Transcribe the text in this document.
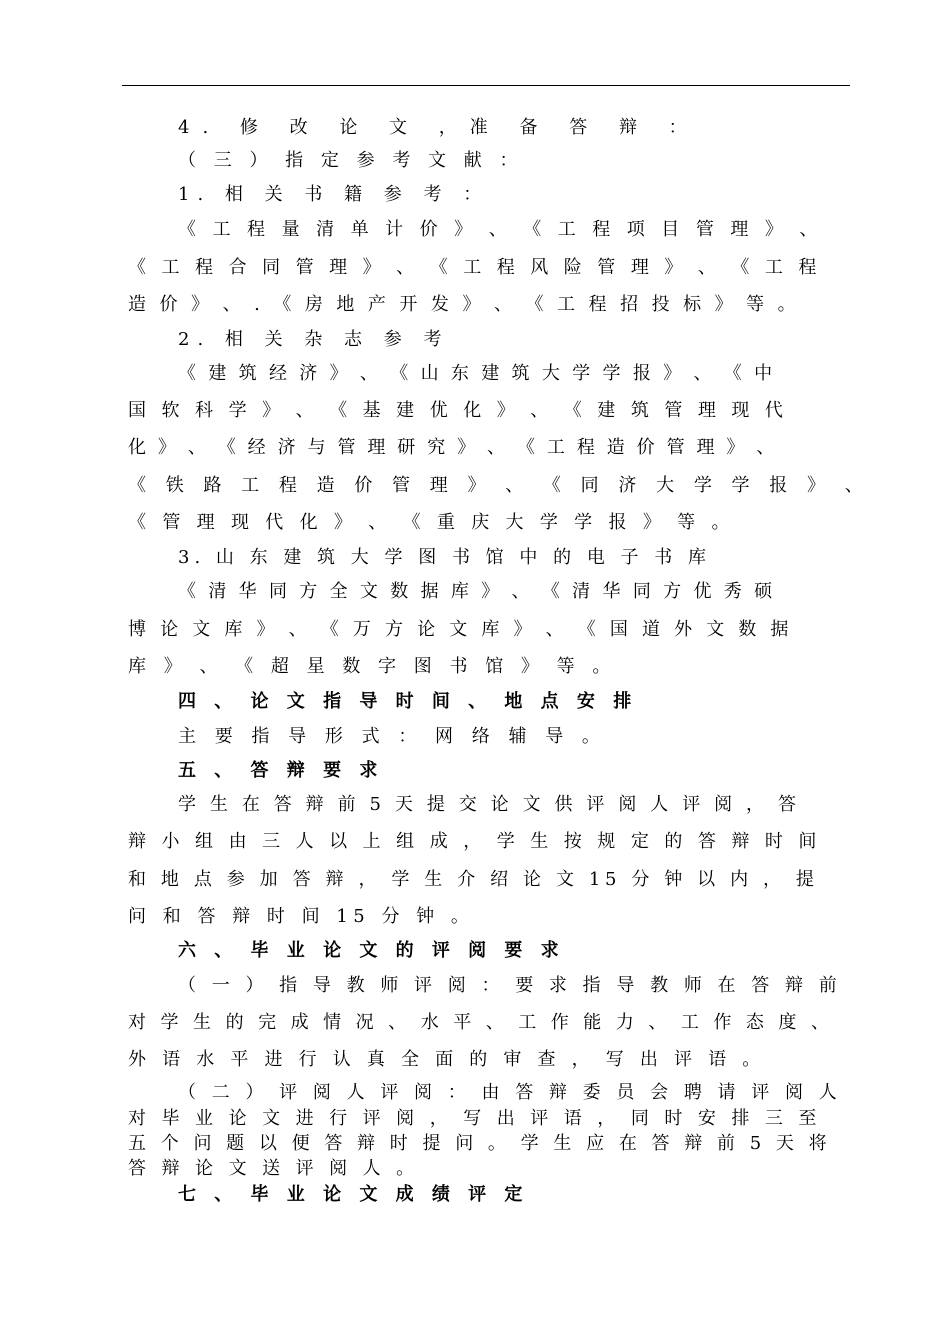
4. 修 改 论 文 ，准 备 答 辩 ：

（ 三 ） 指 定 参 考 文 献 ：

1. 相 关 书 籍 参 考 ：

《 工 程 量 清 单 计 价 》 、 《 工 程 项 目 管 理 》 、

《 工 程 合 同 管 理 》 、 《 工 程 风 险 管 理 》 、 《 工 程

造 价 》 、 . 《 房 地 产 开 发 》 、 《 工 程 招 投 标 》 等 。

2. 相 关 杂 志 参 考

《 建 筑 经 济 》 、 《 山 东 建 筑 大 学 学 报 》 、 《 中

国 软 科 学 》 、 《 基 建 优 化 》 、 《 建 筑 管 理 现 代

化 》 、 《 经 济 与 管 理 研 究 》 、 《 工 程 造 价 管 理 》 、

《 铁 路 工 程 造 价 管 理 》 、 《 同 济 大 学 学 报 》 、

《 管 理 现 代 化 》 、 《 重 庆 大 学 学 报 》 等 。

3. 山 东 建 筑 大 学 图 书 馆 中 的 电 子 书 库

《 清 华 同 方 全 文 数 据 库 》 、 《 清 华 同 方 优 秀 硕

博 论 文 库 》 、 《 万 方 论 文 库 》 、 《 国 道 外 文 数 据

库 》 、 《 超 星 数 字 图 书 馆 》 等 。

四 、 论 文 指 导 时 间 、 地 点 安 排

主 要 指 导 形 式 ： 网 络 辅 导 。

五 、 答 辩 要 求

学 生 在 答 辩 前 5 天 提 交 论 文 供 评 阅 人 评 阅 ， 答

辩 小 组 由 三 人 以 上 组 成 ， 学 生 按 规 定 的 答 辩 时 间

和 地 点 参 加 答 辩 ， 学 生 介 绍 论 文 15 分 钟 以 内 ， 提

问 和 答 辩 时 间 15 分 钟 。

六 、 毕 业 论 文 的 评 阅 要 求

（ 一 ） 指 导 教 师 评 阅 ： 要 求 指 导 教 师 在 答 辩 前

对 学 生 的 完 成 情 况 、 水 平 、 工 作 能 力 、 工 作 态 度 、

外 语 水 平 进 行 认 真 全 面 的 审 查 ， 写 出 评 语 。

（ 二 ） 评 阅 人 评 阅 ： 由 答 辩 委 员 会 聘 请 评 阅 人

对 毕 业 论 文 进 行 评 阅 ， 写 出 评 语 ， 同 时 安 排 三 至

五 个 问 题 以 便 答 辩 时 提 问 。 学 生 应 在 答 辩 前 5 天 将

答 辩 论 文 送 评 阅 人 。

七 、 毕 业 论 文 成 绩 评 定
